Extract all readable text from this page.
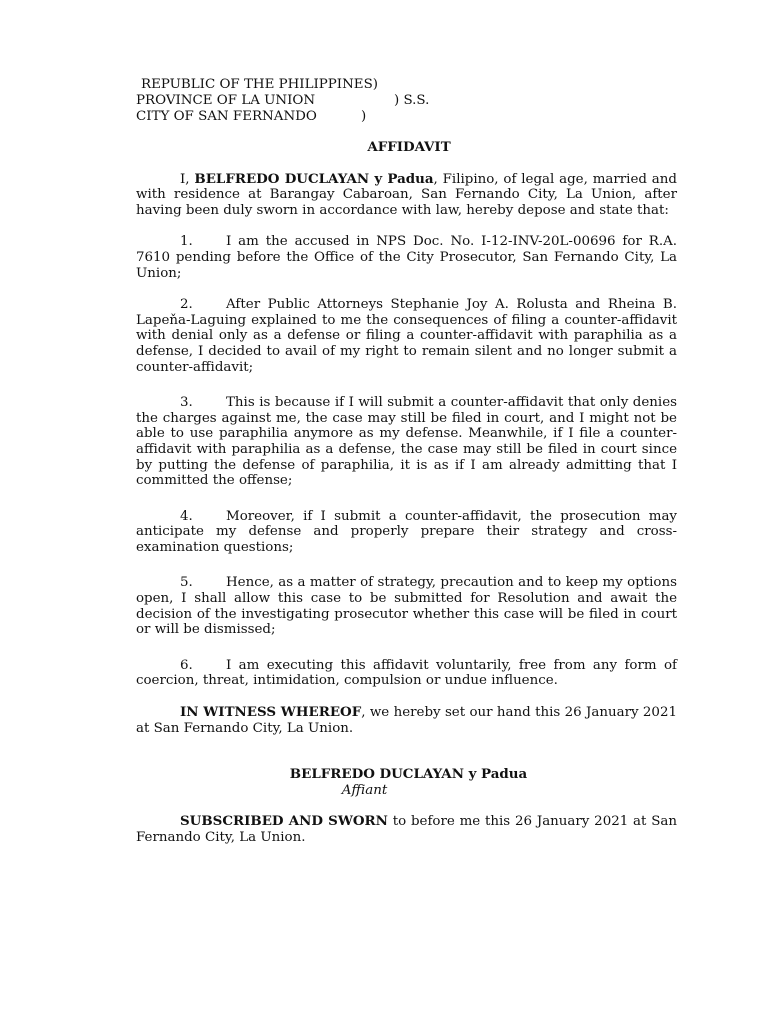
REPUBLIC OF THE PHILIPPINES)
PROVINCE OF LA UNION	) S.S.
CITY OF SAN FERNANDO	)
AFFIDAVIT

I, BELFREDO DUCLAYAN y Padua, Filipino, of legal age, married and with residence at Barangay Cabaroan, San Fernando City, La Union, after having been duly sworn in accordance with law, hereby depose and state that:

1. I am the accused in NPS Doc. No. I-12-INV-20L-00696 for R.A. 7610 pending before the Office of the City Prosecutor, San Fernando City, La Union;

2. After Public Attorneys Stephanie Joy A. Rolusta and Rheina B. Lapeňa-Laguing explained to me the consequences of filing a counter-affidavit with denial only as a defense or filing a counter-affidavit with paraphilia as a defense, I decided to avail of my right to remain silent and no longer submit a counter-affidavit;

3. This is because if I will submit a counter-affidavit that only denies the charges against me, the case may still be filed in court, and I might not be able to use paraphilia anymore as my defense. Meanwhile, if I file a counter-affidavit with paraphilia as a defense, the case may still be filed in court since by putting the defense of paraphilia, it is as if I am already admitting that I committed the offense;

4. Moreover, if I submit a counter-affidavit, the prosecution may anticipate my defense and properly prepare their strategy and cross-examination questions;

5. Hence, as a matter of strategy, precaution and to keep my options open, I shall allow this case to be submitted for Resolution and await the decision of the investigating prosecutor whether this case will be filed in court or will be dismissed;

6. I am executing this affidavit voluntarily, free from any form of coercion, threat, intimidation, compulsion or undue influence.

IN WITNESS WHEREOF, we hereby set our hand this 26 January 2021 at San Fernando City, La Union.

BELFREDO DUCLAYAN y Padua
Affiant

SUBSCRIBED AND SWORN to before me this 26 January 2021 at San Fernando City, La Union.
